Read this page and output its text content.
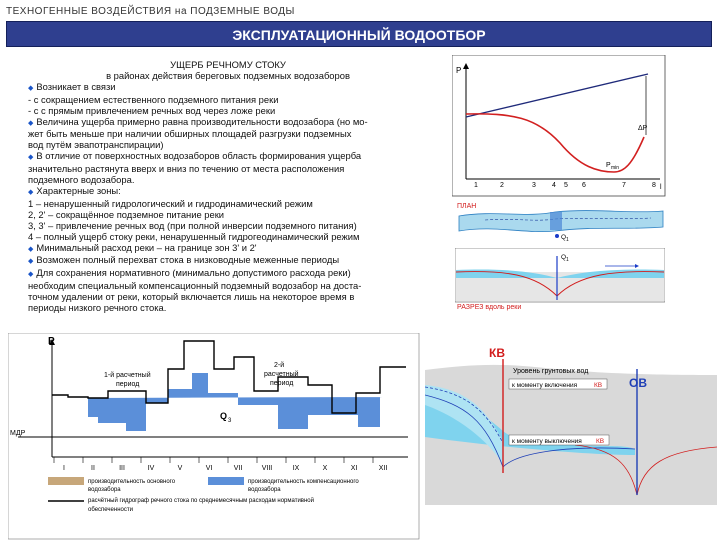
ТЕХНОГЕННЫЕ ВОЗДЕЙСТВИЯ на ПОДЗЕМНЫЕ ВОДЫ
ЭКСПЛУАТАЦИОННЫЙ ВОДООТБОР
УЩЕРБ РЕЧНОМУ СТОКУ
в районах действия береговых подземных водозаборов
◆ Возникает в связи
- с сокращением естественного подземного питания реки
- с с прямым привлечением речных вод через ложе реки
◆ Величина ущерба примерно равна производительности водозабора (но мо-
жет быть меньше при наличии обширных площадей разгрузки подземных
вод путём эвапотранспирации)
◆ В отличие от поверхностных водозаборов область формирования ущерба
значительно растянута вверх и вниз по течению от места расположения
подземного водозабора.
◆ Характерные зоны:
1 – ненарушенный гидрологический и гидродинамический режим
2, 2' – сокращённое подземное питание реки
3, 3' – привлечение речных вод (при полной инверсии подземного питания)
4 – полный ущерб стоку реки, ненарушенный гидрогеодинамический режим
◆ Минимальный расход реки – на границе зон 3' и 2'
◆ Возможен полный перехват стока в низководные меженные периоды
◆ Для сохранения нормативного (минимально допустимого расхода реки)
необходим специальный компенсационный подземный водозабор на доста-
точном удалении от реки, который включается лишь на некоторое время в
периоды низкого речного стока.
P
ΔP
P min
l
1	2	3 4 5 6	7	8
ПЛАН
Q 1
Q 1
РАЗРЕЗ вдоль реки
P
МДР
1-й расчетный
период
2-й
расчетный
период
Q 3
I	II	III	IV	V	VI	VII	VIII	IX	X	XI	XII
производительность основного
водозабора
производительность компенсационного
водозабора
расчётный гидрограф речного стока по среднемесячным расходам нормативной
обеспеченности
КВ
ОВ
Уровень грунтовых вод
к моменту включения	КВ
к моменту выключения КВ
